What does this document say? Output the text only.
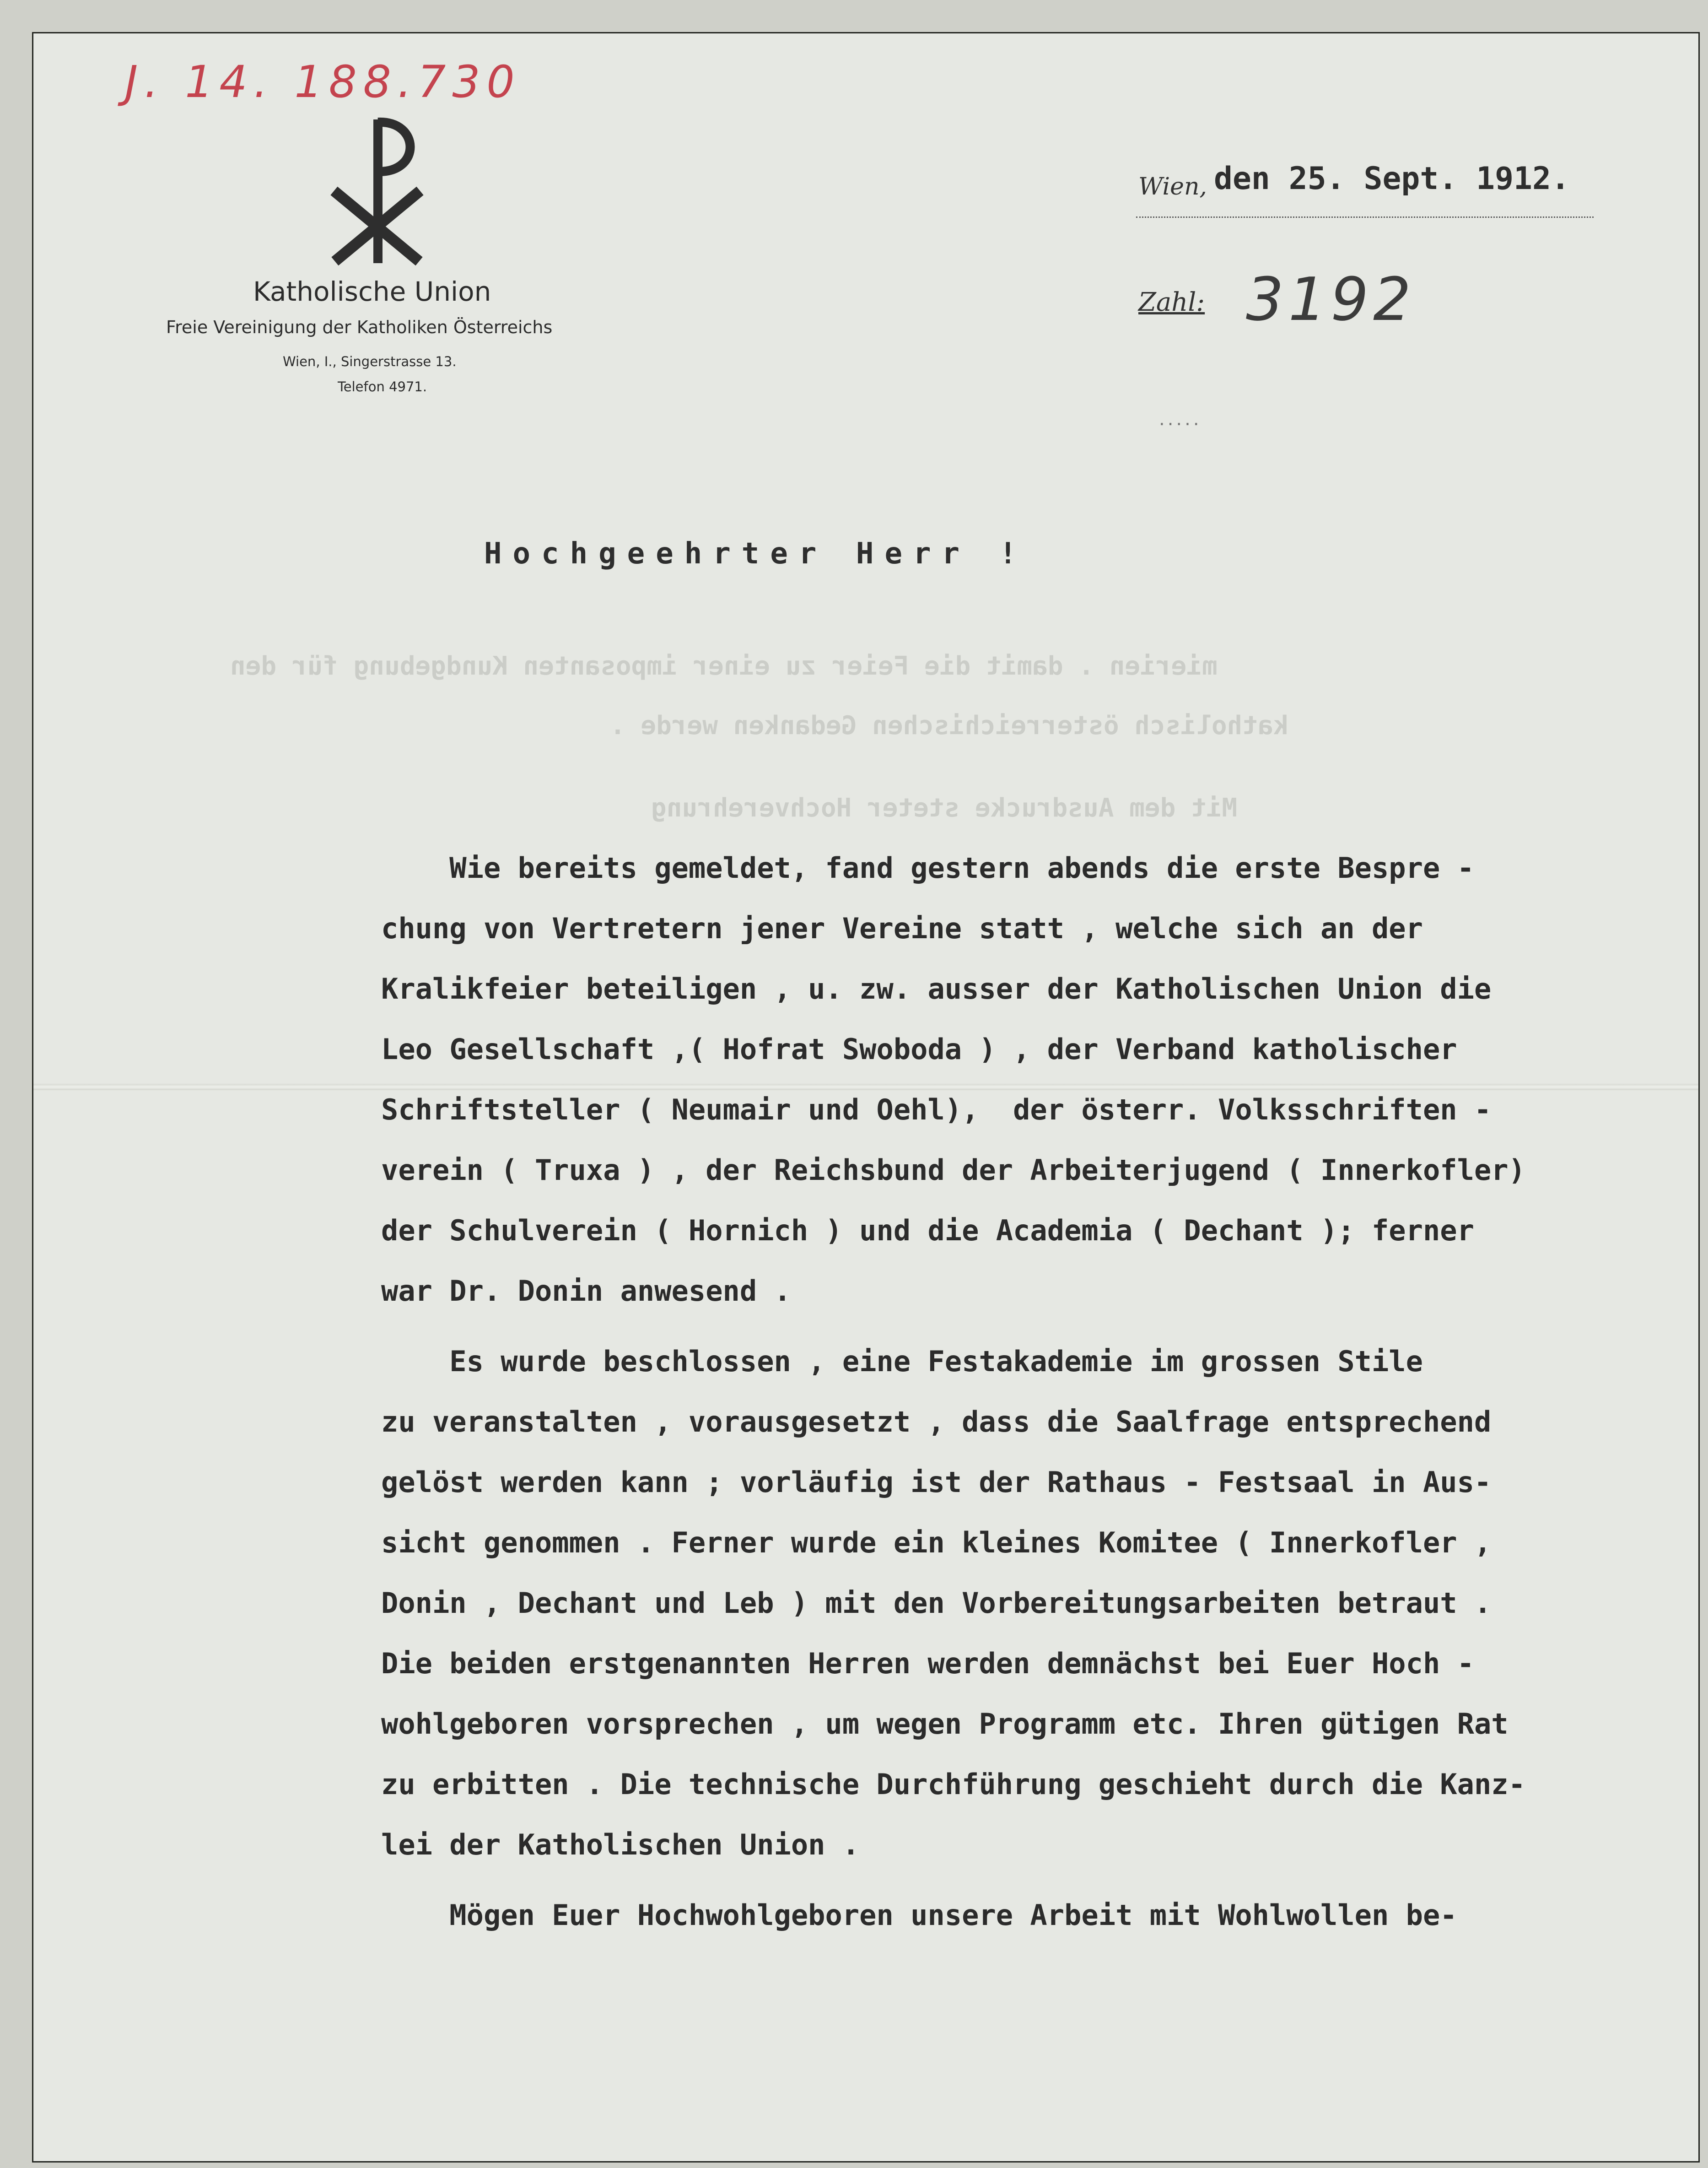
J. 14. 188.730
Katholische Union
Freie Vereinigung der Katholiken Österreichs
Wien, I., Singerstrasse 13.
Telefon 4971.
Wien, den 25. Sept. 1912.
Zahl: 3192
.....
Hochgeehrter Herr !
mierien . damit die Feier zu einer imposanten Kundgebung für den
katholisch österreichischen Gedanken werde .
Mit dem Ausdrucke steter Hochverehrung
Wie bereits gemeldet, fand gestern abends die erste Bespre -
chung von Vertretern jener Vereine statt , welche sich an der
Kralikfeier beteiligen , u. zw. ausser der Katholischen Union die
Leo Gesellschaft ,( Hofrat Swoboda ) , der Verband katholischer
Schriftsteller ( Neumair und Oehl),  der österr. Volksschriften -
verein ( Truxa ) , der Reichsbund der Arbeiterjugend ( Innerkofler)
der Schulverein ( Hornich ) und die Academia ( Dechant ); ferner
war Dr. Donin anwesend .
Es wurde beschlossen , eine Festakademie im grossen Stile
zu veranstalten , vorausgesetzt , dass die Saalfrage entsprechend
gelöst werden kann ; vorläufig ist der Rathaus - Festsaal in Aus-
sicht genommen . Ferner wurde ein kleines Komitee ( Innerkofler ,
Donin , Dechant und Leb ) mit den Vorbereitungsarbeiten betraut .
Die beiden erstgenannten Herren werden demnächst bei Euer Hoch -
wohlgeboren vorsprechen , um wegen Programm etc. Ihren gütigen Rat
zu erbitten . Die technische Durchführung geschieht durch die Kanz-
lei der Katholischen Union .
Mögen Euer Hochwohlgeboren unsere Arbeit mit Wohlwollen be-
